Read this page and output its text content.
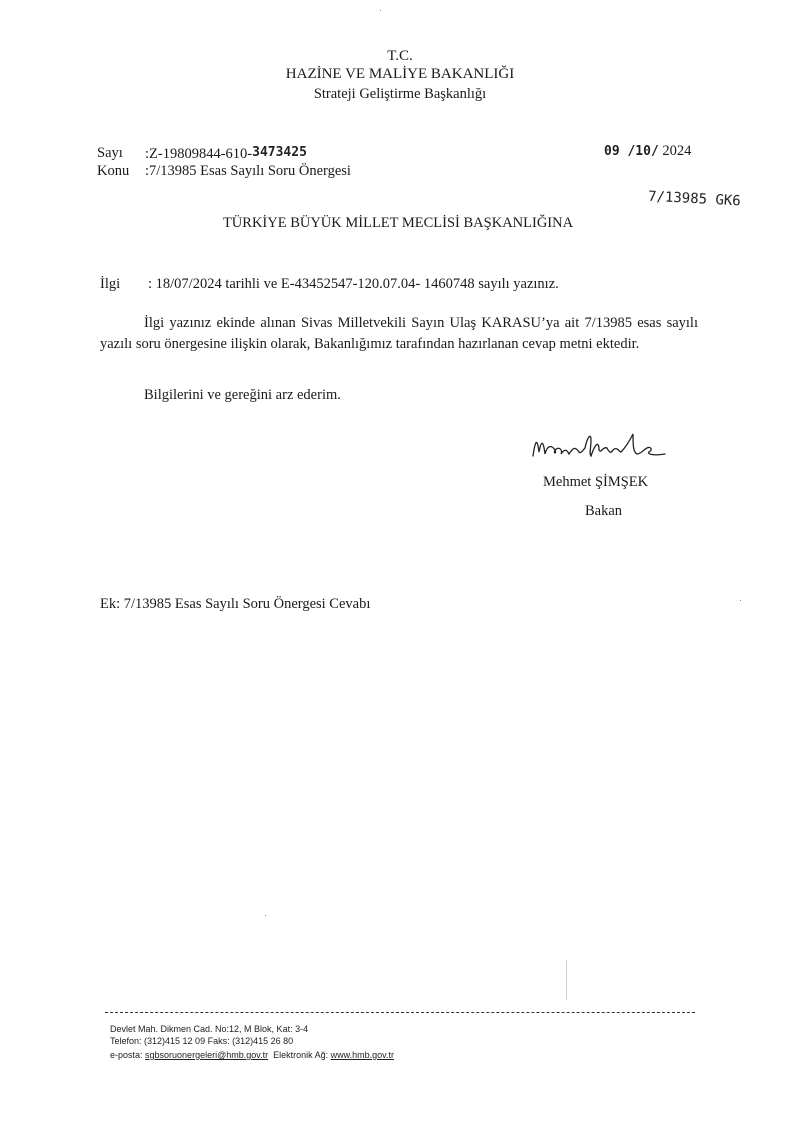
T.C.
HAZİNE VE MALİYE BAKANLIĞI
Strateji Geliştirme Başkanlığı
Sayı :Z-19809844-610-3473425
Konu :7/13985 Esas Sayılı Soru Önergesi
09 /10/ 2024
7/13985 GK6
TÜRKİYE BÜYÜK MİLLET MECLİSİ BAŞKANLIĞINA
İlgi : 18/07/2024 tarihli ve E-43452547-120.07.04- 1460748 sayılı yazınız.
İlgi yazınız ekinde alınan Sivas Milletvekili Sayın Ulaş KARASU’ya ait 7/13985 esas sayılı yazılı soru önergesine ilişkin olarak, Bakanlığımız tarafından hazırlanan cevap metni ektedir.
Bilgilerini ve gereğini arz ederim.
Mehmet ŞİMŞEK
Bakan
Ek: 7/13985 Esas Sayılı Soru Önergesi Cevabı
Devlet Mah. Dikmen Cad. No:12, M Blok, Kat: 3-4
Telefon: (312)415 12 09 Faks: (312)415 26 80
e-posta: sgbsoruonergeleri@hmb.gov.tr  Elektronik Ağ: www.hmb.gov.tr
